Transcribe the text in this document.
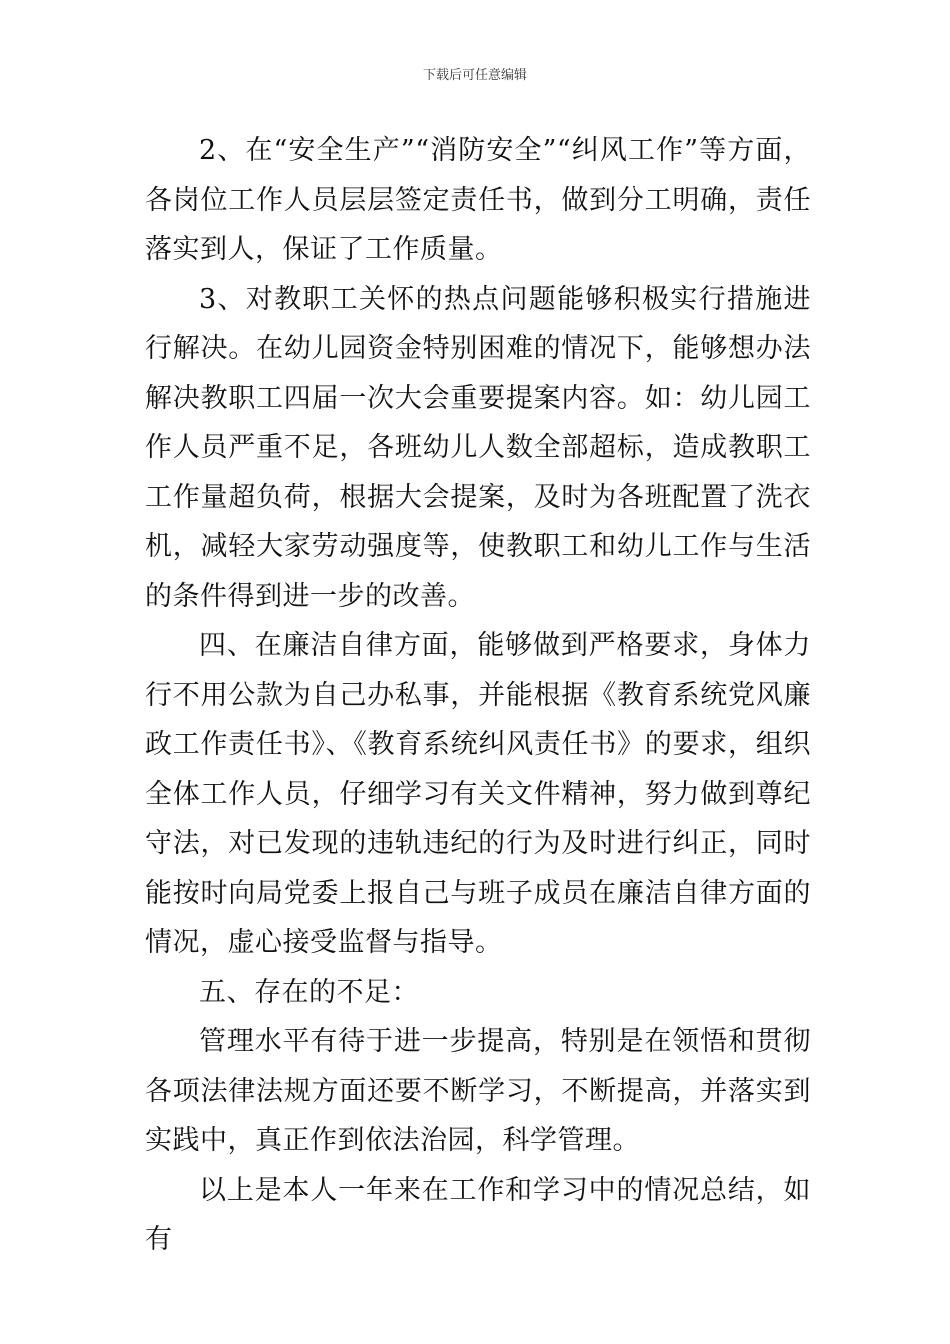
下载后可任意编辑

2、在“安全生产”“消防安全”“纠风工作”等方面，各岗位工作人员层层签定责任书，做到分工明确，责任落实到人，保证了工作质量。

3、对教职工关怀的热点问题能够积极实行措施进行解决。在幼儿园资金特别困难的情况下，能够想办法解决教职工四届一次大会重要提案内容。如：幼儿园工作人员严重不足，各班幼儿人数全部超标，造成教职工工作量超负荷，根据大会提案，及时为各班配置了洗衣机，减轻大家劳动强度等，使教职工和幼儿工作与生活的条件得到进一步的改善。

四、在廉洁自律方面，能够做到严格要求，身体力行不用公款为自己办私事，并能根据《教育系统党风廉政工作责任书》、《教育系统纠风责任书》的要求，组织全体工作人员，仔细学习有关文件精神，努力做到尊纪守法，对已发现的违轨违纪的行为及时进行纠正，同时能按时向局党委上报自己与班子成员在廉洁自律方面的情况，虚心接受监督与指导。

五、存在的不足：

管理水平有待于进一步提高，特别是在领悟和贯彻各项法律法规方面还要不断学习，不断提高，并落实到实践中，真正作到依法治园，科学管理。

以上是本人一年来在工作和学习中的情况总结，如有
